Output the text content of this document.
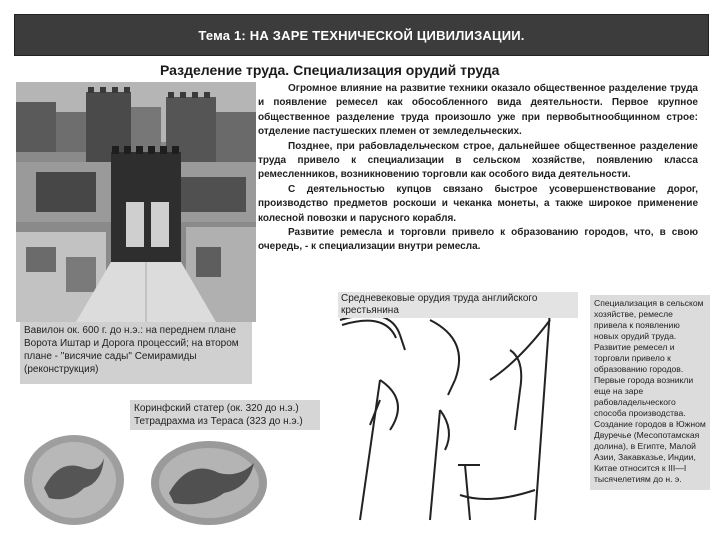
Тема 1: НА ЗАРЕ ТЕХНИЧЕСКОЙ ЦИВИЛИЗАЦИИ.
Разделение труда. Специализация орудий труда
Вавилон ок. 600 г. до н.э.: на переднем плане Ворота Иштар и Дорога процессий; на втором плане - "висячие сады" Семирамиды (реконструкция)

Огромное влияние на развитие техники оказало общественное разделение труда и появление ремесел как обособленного вида деятельности. Первое крупное общественное разделение труда произошло уже при первобытнообщинном строе: отделение пастушеских племен от земледельческих.

Позднее, при рабовладельческом строе, дальнейшее общественное разделение труда привело к специализации в сельском хозяйстве, появлению класса ремесленников, возникновению торговли как особого вида деятельности.

С деятельностью купцов связано быстрое усовершенствование дорог, производство предметов роскоши и чеканка монеты, а также широкое применение колесной повозки и парусного корабля.

Развитие ремесла и торговли привело к образованию городов, что, в свою очередь, - к специализации внутри ремесла.

Коринфский статер (ок. 320 до н.э.) Тетрадрахма из Тераса (323 до н.э.)
Средневековые орудия труда английского крестьянина
Специализация в сельском хозяйстве, ремесле привела к появлению новых орудий труда. Развитие ремесел и торговли привело к образованию городов. Первые города возникли еще на заре рабовладельческого способа производства. Создание городов в Южном Двуречье (Месопотамская долина), в Египте, Малой Азии, Закавказье, Индии, Китае относится к III—I тысячелетиям до н. э.
